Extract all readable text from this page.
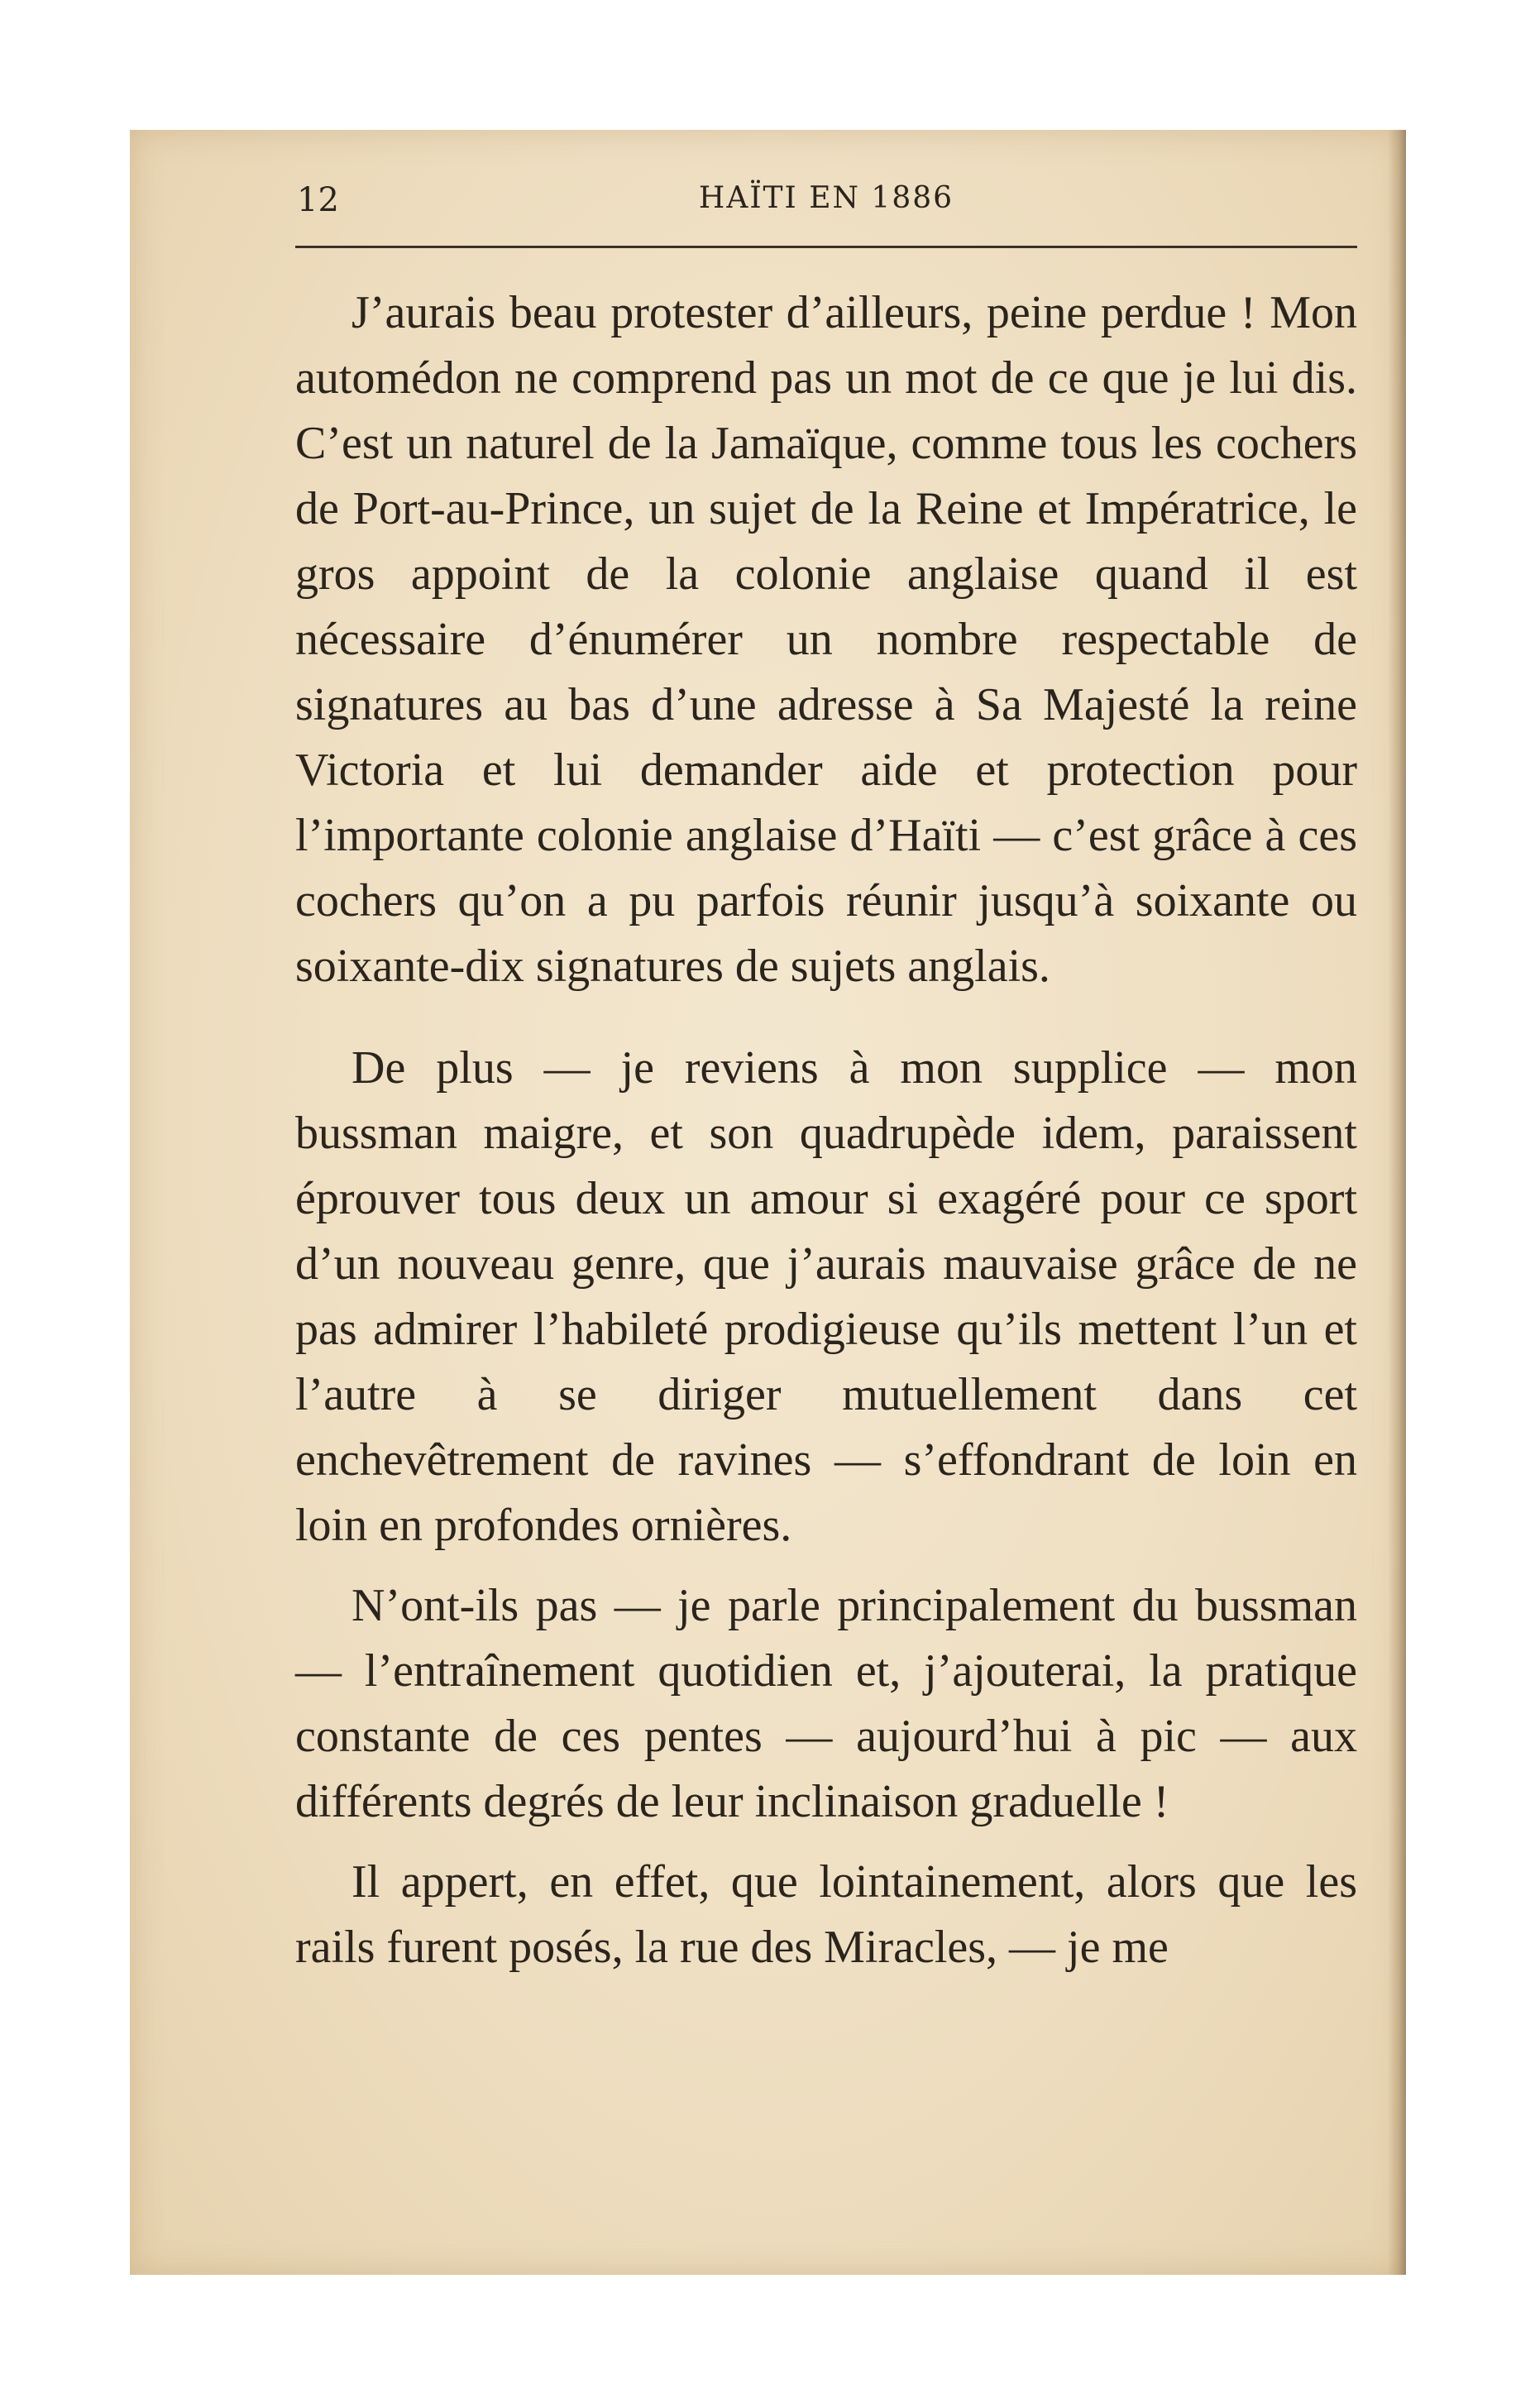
12	HAÏTI EN 1886

J’aurais beau protester d’ailleurs, peine perdue ! Mon automédon ne comprend pas un mot de ce que je lui dis. C’est un naturel de la Jamaïque, comme tous les cochers de Port-au-Prince, un sujet de la Reine et Impératrice, le gros appoint de la colonie anglaise quand il est nécessaire d’énumérer un nombre respectable de signatures au bas d’une adresse à Sa Majesté la reine Victoria et lui demander aide et protection pour l’importante colonie anglaise d’Haïti — c’est grâce à ces cochers qu’on a pu parfois réunir jusqu’à soixante ou soixante-dix signatures de sujets anglais.

De plus — je reviens à mon supplice — mon bussman maigre, et son quadrupède idem, paraissent éprouver tous deux un amour si exagéré pour ce sport d’un nouveau genre, que j’aurais mauvaise grâce de ne pas admirer l’habileté prodigieuse qu’ils mettent l’un et l’autre à se diriger mutuellement dans cet enchevêtrement de ravines — s’effondrant de loin en loin en profondes ornières.

N’ont-ils pas — je parle principalement du bussman — l’entraînement quotidien et, j’ajouterai, la pratique constante de ces pentes — aujourd’hui à pic — aux différents degrés de leur inclinaison graduelle !

Il appert, en effet, que lointainement, alors que les rails furent posés, la rue des Miracles, — je me
